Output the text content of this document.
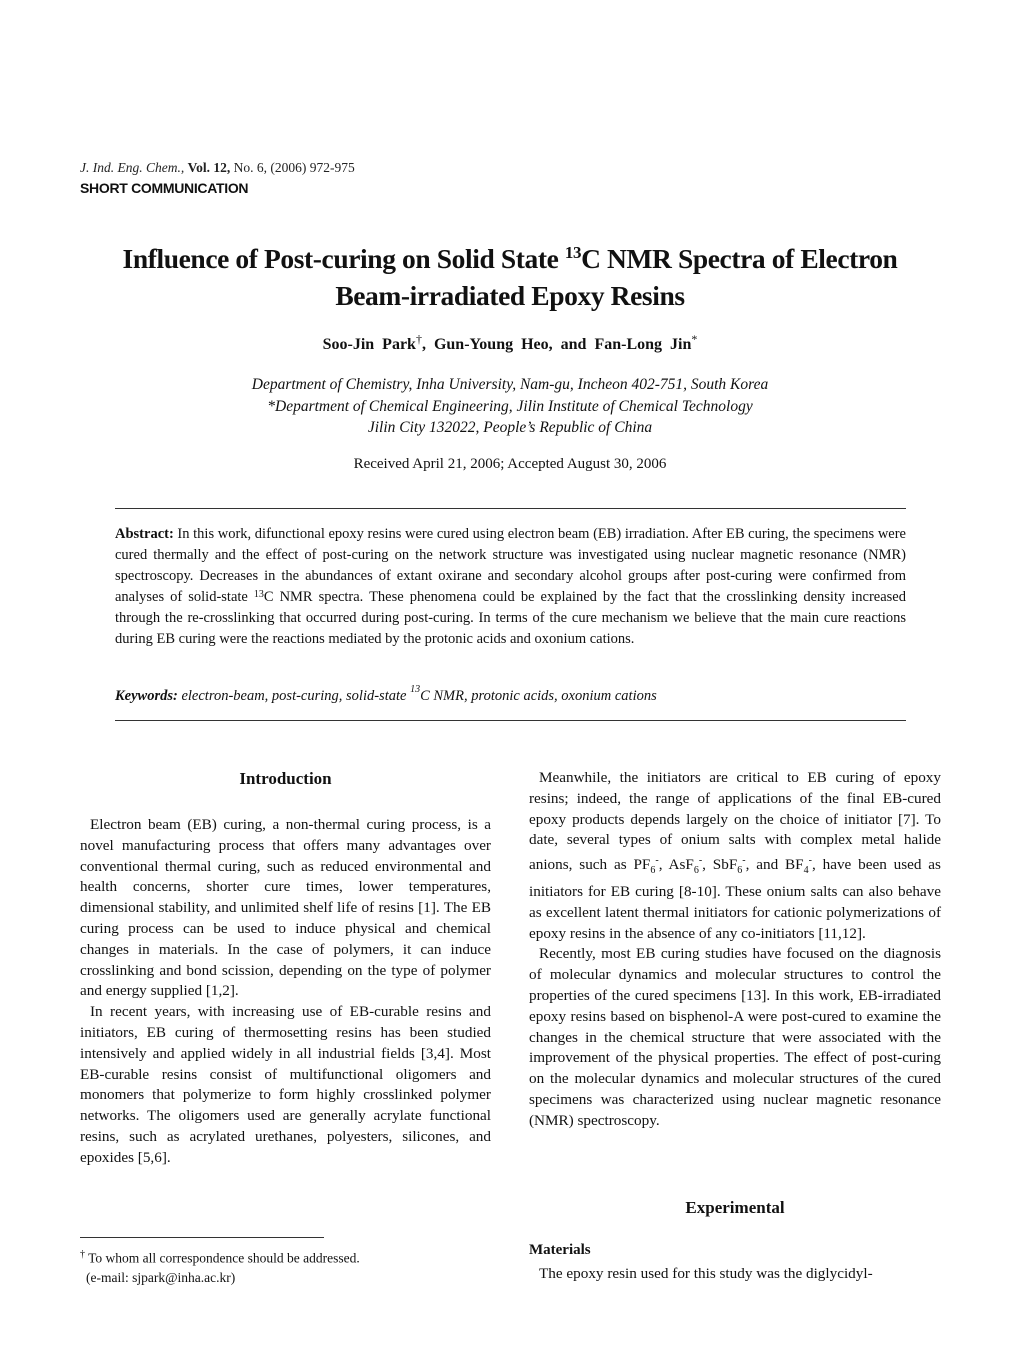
J. Ind. Eng. Chem., Vol. 12, No. 6, (2006) 972-975
SHORT COMMUNICATION
Influence of Post-curing on Solid State $^{13}$C NMR Spectra of Electron
Beam-irradiated Epoxy Resins
Soo-Jin Park†, Gun-Young Heo, and Fan-Long Jin*
Department of Chemistry, Inha University, Nam-gu, Incheon 402-751, South Korea
*Department of Chemical Engineering, Jilin Institute of Chemical Technology
Jilin City 132022, People’s Republic of China
Received April 21, 2006; Accepted August 30, 2006
Abstract: In this work, difunctional epoxy resins were cured using electron beam (EB) irradiation. After EB curing, the specimens were cured thermally and the effect of post-curing on the network structure was investigated using nuclear magnetic resonance (NMR) spectroscopy. Decreases in the abundances of extant oxirane and secondary alcohol groups after post-curing were confirmed from analyses of solid-state $^{13}$C NMR spectra. These phenomena could be explained by the fact that the crosslinking density increased through the re-crosslinking that occurred during post-curing. In terms of the cure mechanism we believe that the main cure reactions during EB curing were the reactions mediated by the protonic acids and oxonium cations.
Keywords: electron-beam, post-curing, solid-state $^{13}$C NMR, protonic acids, oxonium cations
Introduction

Electron beam (EB) curing, a non-thermal curing process, is a novel manufacturing process that offers many advantages over conventional thermal curing, such as reduced environmental and health concerns, shorter cure times, lower temperatures, dimensional stability, and unlimited shelf life of resins [1]. The EB curing process can be used to induce physical and chemical changes in materials. In the case of polymers, it can induce crosslinking and bond scission, depending on the type of polymer and energy supplied [1,2].

In recent years, with increasing use of EB-curable resins and initiators, EB curing of thermosetting resins has been studied intensively and applied widely in all industrial fields [3,4]. Most EB-curable resins consist of multifunctional oligomers and monomers that polymerize to form highly crosslinked polymer networks. The oligomers used are generally acrylate functional resins, such as acrylated urethanes, polyesters, silicones, and epoxides [5,6].

Meanwhile, the initiators are critical to EB curing of epoxy resins; indeed, the range of applications of the final EB-cured epoxy products depends largely on the choice of initiator [7]. To date, several types of onium salts with complex metal halide anions, such as $PF_6^-$, AsF$_6$-, SbF$_6$-, and $BF_4^-$, have been used as initiators for EB curing [8-10]. These onium salts can also behave as excellent latent thermal initiators for cationic polymerizations of epoxy resins in the absence of any co-initiators [11,12].

Recently, most EB curing studies have focused on the diagnosis of molecular dynamics and molecular structures to control the properties of the cured specimens [13]. In this work, EB-irradiated epoxy resins based on bisphenol-A were post-cured to examine the changes in the chemical structure that were associated with the improvement of the physical properties. The effect of post-curing on the molecular dynamics and molecular structures of the cured specimens was characterized using nuclear magnetic resonance (NMR) spectroscopy.

Experimental
Materials

The epoxy resin used for this study was the diglycidyl-

† To whom all correspondence should be addressed.
(e-mail: sjpark@inha.ac.kr)
